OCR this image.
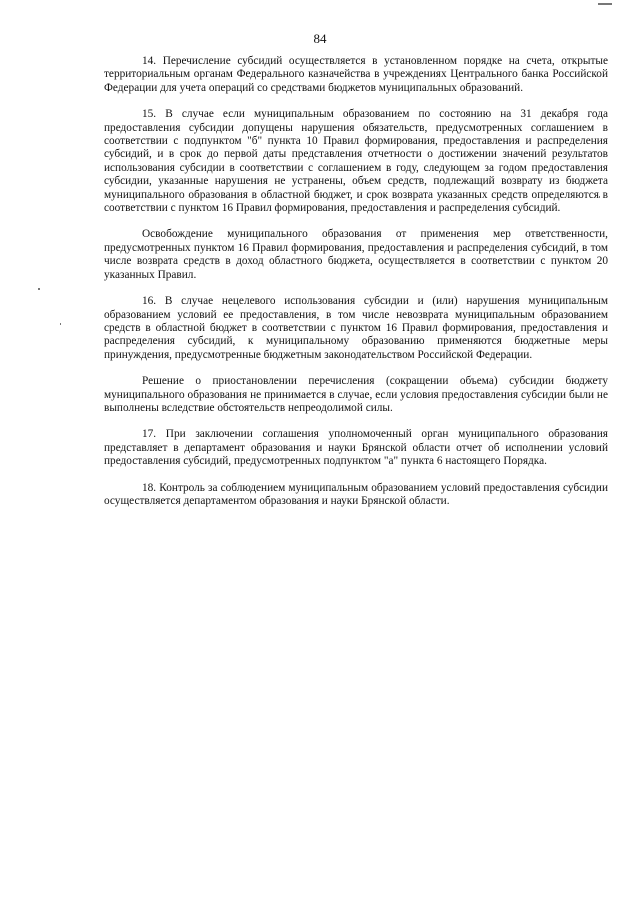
84

14. Перечисление субсидий осуществляется в установленном порядке на счета, открытые территориальным органам Федерального казначейства в учреждениях Центрального банка Российской Федерации для учета операций со средствами бюджетов муниципальных образований.

15. В случае если муниципальным образованием по состоянию на 31 декабря года предоставления субсидии допущены нарушения обязательств, предусмотренных соглашением в соответствии с подпунктом "б" пункта 10 Правил формирования, предоставления и распределения субсидий, и в срок до первой даты представления отчетности о достижении значений результатов использования субсидии в соответствии с соглашением в году, следующем за годом предоставления субсидии, указанные нарушения не устранены, объем средств, подлежащий возврату из бюджета муниципального образования в областной бюджет, и срок возврата указанных средств определяются в соответствии с пунктом 16 Правил формирования, предоставления и распределения субсидий.

Освобождение муниципального образования от применения мер ответственности, предусмотренных пунктом 16 Правил формирования, предоставления и распределения субсидий, в том числе возврата средств в доход областного бюджета, осуществляется в соответствии с пунктом 20 указанных Правил.

16. В случае нецелевого использования субсидии и (или) нарушения муниципальным образованием условий ее предоставления, в том числе невозврата муниципальным образованием средств в областной бюджет в соответствии с пунктом 16 Правил формирования, предоставления и распределения субсидий, к муниципальному образованию применяются бюджетные меры принуждения, предусмотренные бюджетным законодательством Российской Федерации.

Решение о приостановлении перечисления (сокращении объема) субсидии бюджету муниципального образования не принимается в случае, если условия предоставления субсидии были не выполнены вследствие обстоятельств непреодолимой силы.

17. При заключении соглашения уполномоченный орган муниципального образования представляет в департамент образования и науки Брянской области отчет об исполнении условий предоставления субсидий, предусмотренных подпунктом "а" пункта 6 настоящего Порядка.

18. Контроль за соблюдением муниципальным образованием условий предоставления субсидии осуществляется департаментом образования и науки Брянской области.
